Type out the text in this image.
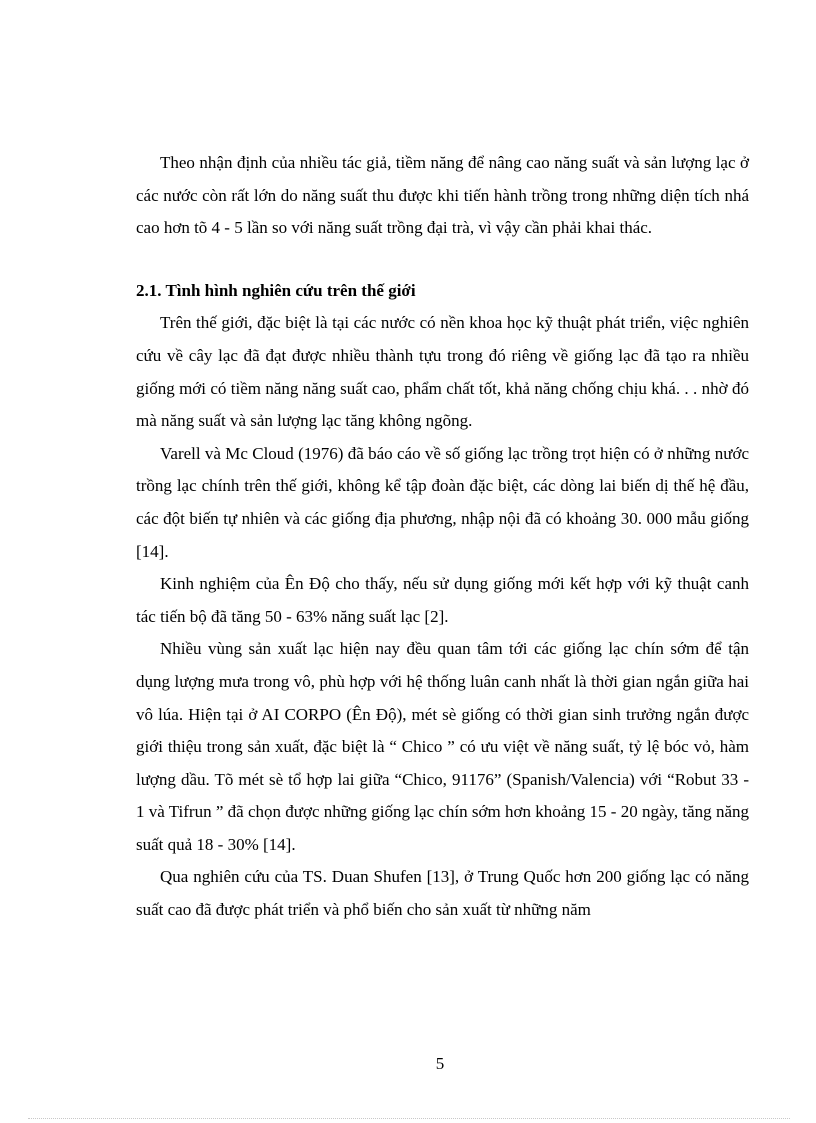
Theo nhận định của nhiều tác giả, tiềm năng để nâng cao năng suất và sản lượng lạc ở các nước còn rất lớn do năng suất thu được khi tiến hành trồng trong những diện tích nhá cao hơn tõ 4 - 5 lần so với năng suất trồng đại trà, vì vậy cần phải khai thác.

2.1. Tình hình nghiên cứu trên thế giới

Trên thế giới, đặc biệt là tại các nước có nền khoa học kỹ thuật phát triển, việc nghiên cứu về cây lạc đã đạt được nhiều thành tựu trong đó riêng về giống lạc đã tạo ra nhiều giống mới có tiềm năng năng suất cao, phẩm chất tốt, khả năng chống chịu khá. . . nhờ đó mà năng suất và sản lượng lạc tăng không ngõng.

Varell và Mc Cloud (1976) đã báo cáo về số giống lạc trồng trọt hiện có ở những nước trồng lạc chính trên thế giới, không kể tập đoàn đặc biệt, các dòng lai biến dị thế hệ đầu, các đột biến tự nhiên và các giống địa phương, nhập nội đã có khoảng 30. 000 mẫu giống [14].

Kinh nghiệm của Ên Độ cho thấy, nếu sử dụng giống mới kết hợp với kỹ thuật canh tác tiến bộ đã tăng 50 - 63% năng suất lạc [2].

Nhiều vùng sản xuất lạc hiện nay đều quan tâm tới các giống lạc chín sớm để tận dụng lượng mưa trong vô, phù hợp với hệ thống luân canh nhất là thời gian ngắn giữa hai vô lúa. Hiện tại ở AI CORPO (Ên Độ), mét sè giống có thời gian sinh trưởng ngắn được giới thiệu trong sản xuất, đặc biệt là “ Chico ” có ưu việt về năng suất, tỷ lệ bóc vỏ, hàm lượng dầu. Tõ mét sè tổ hợp lai giữa “Chico, 91176” (Spanish/Valencia) với “Robut 33 - 1 và Tifrun ” đã chọn được những giống lạc chín sớm hơn khoảng 15 - 20 ngày, tăng năng suất quả 18 - 30% [14].

Qua nghiên cứu của TS. Duan Shufen [13], ở Trung Quốc hơn 200 giống lạc có năng suất cao đã được phát triển và phổ biến cho sản xuất từ những năm

5
